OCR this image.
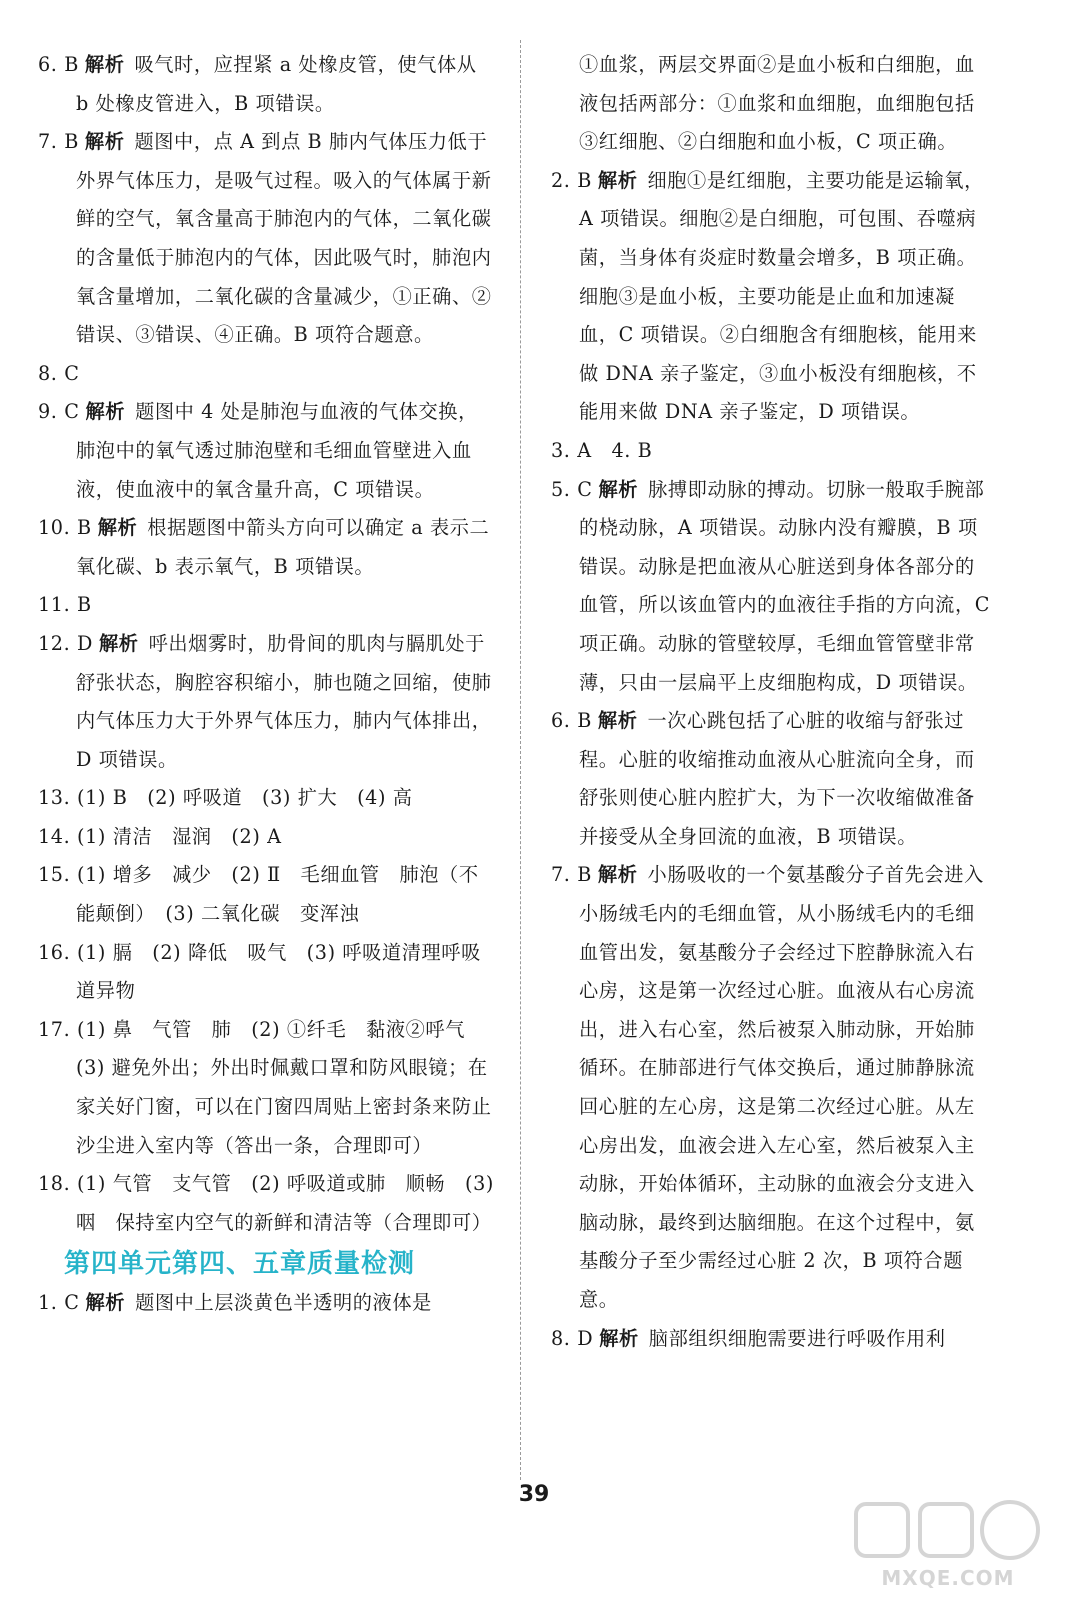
6. B 解析 吸气时，应捏紧 a 处橡皮管，使气体从 b 处橡皮管进入，B 项错误。
7. B 解析 题图中，点 A 到点 B 肺内气体压力低于外界气体压力，是吸气过程。吸入的气体属于新鲜的空气，氧含量高于肺泡内的气体，二氧化碳的含量低于肺泡内的气体，因此吸气时，肺泡内氧含量增加，二氧化碳的含量减少，①正确、②错误、③错误、④正确。B 项符合题意。
8. C
9. C 解析 题图中 4 处是肺泡与血液的气体交换，肺泡中的氧气透过肺泡壁和毛细血管壁进入血液，使血液中的氧含量升高，C 项错误。
10. B 解析 根据题图中箭头方向可以确定 a 表示二氧化碳、b 表示氧气，B 项错误。
11. B
12. D 解析 呼出烟雾时，肋骨间的肌肉与膈肌处于舒张状态，胸腔容积缩小，肺也随之回缩，使肺内气体压力大于外界气体压力，肺内气体排出，D 项错误。
13. (1) B　(2) 呼吸道　(3) 扩大　(4) 高
14. (1) 清洁　湿润　(2) A
15. (1) 增多　减少　(2) Ⅱ　毛细血管　肺泡（不能颠倒）　(3) 二氧化碳　变浑浊
16. (1) 膈　(2) 降低　吸气　(3) 呼吸道清理呼吸道异物
17. (1) 鼻　气管　肺　(2) ①纤毛　黏液②呼气　(3) 避免外出；外出时佩戴口罩和防风眼镜；在家关好门窗，可以在门窗四周贴上密封条来防止沙尘进入室内等（答出一条，合理即可）
18. (1) 气管　支气管　(2) 呼吸道或肺　顺畅　(3) 咽　保持室内空气的新鲜和清洁等（合理即可）
第四单元第四、五章质量检测
1. C 解析 题图中上层淡黄色半透明的液体是
①血浆，两层交界面②是血小板和白细胞，血液包括两部分：①血浆和血细胞，血细胞包括③红细胞、②白细胞和血小板，C 项正确。
2. B 解析 细胞①是红细胞，主要功能是运输氧，A 项错误。细胞②是白细胞，可包围、吞噬病菌，当身体有炎症时数量会增多，B 项正确。细胞③是血小板，主要功能是止血和加速凝血，C 项错误。②白细胞含有细胞核，能用来做 DNA 亲子鉴定，③血小板没有细胞核，不能用来做 DNA 亲子鉴定，D 项错误。
3. A　4. B
5. C 解析 脉搏即动脉的搏动。切脉一般取手腕部的桡动脉，A 项错误。动脉内没有瓣膜，B 项错误。动脉是把血液从心脏送到身体各部分的血管，所以该血管内的血液往手指的方向流，C 项正确。动脉的管壁较厚，毛细血管管壁非常薄，只由一层扁平上皮细胞构成，D 项错误。
6. B 解析 一次心跳包括了心脏的收缩与舒张过程。心脏的收缩推动血液从心脏流向全身，而舒张则使心脏内腔扩大，为下一次收缩做准备并接受从全身回流的血液，B 项错误。
7. B 解析 小肠吸收的一个氨基酸分子首先会进入小肠绒毛内的毛细血管，从小肠绒毛内的毛细血管出发，氨基酸分子会经过下腔静脉流入右心房，这是第一次经过心脏。血液从右心房流出，进入右心室，然后被泵入肺动脉，开始肺循环。在肺部进行气体交换后，通过肺静脉流回心脏的左心房，这是第二次经过心脏。从左心房出发，血液会进入左心室，然后被泵入主动脉，开始体循环，主动脉的血液会分支进入脑动脉，最终到达脑细胞。在这个过程中，氨基酸分子至少需经过心脏 2 次，B 项符合题意。
8. D 解析 脑部组织细胞需要进行呼吸作用利
39
MXQE.COM
